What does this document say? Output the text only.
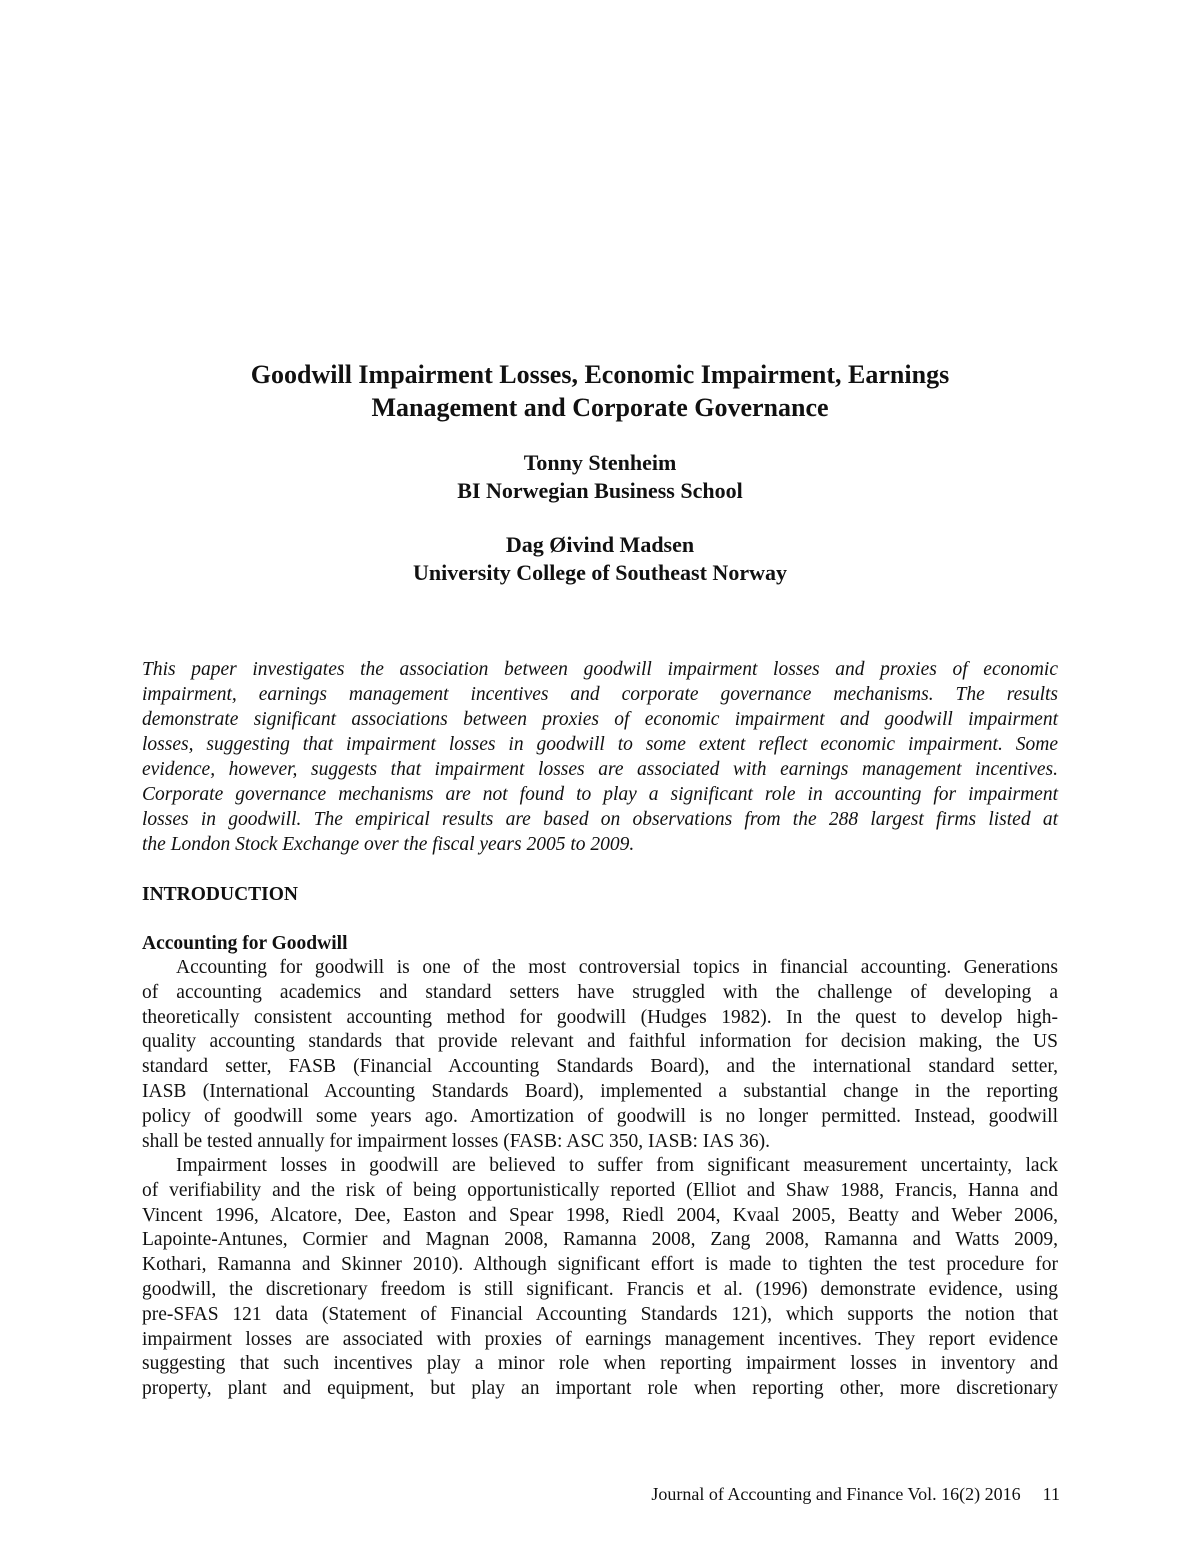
Goodwill Impairment Losses, Economic Impairment, Earnings
Management and Corporate Governance
Tonny Stenheim
BI Norwegian Business School
Dag Øivind Madsen
University College of Southeast Norway
This paper investigates the association between goodwill impairment losses and proxies of economic
impairment, earnings management incentives and corporate governance mechanisms. The results
demonstrate significant associations between proxies of economic impairment and goodwill impairment
losses, suggesting that impairment losses in goodwill to some extent reflect economic impairment. Some
evidence, however, suggests that impairment losses are associated with earnings management incentives.
Corporate governance mechanisms are not found to play a significant role in accounting for impairment
losses in goodwill. The empirical results are based on observations from the 288 largest firms listed at
the London Stock Exchange over the fiscal years 2005 to 2009.
INTRODUCTION
Accounting for Goodwill
Accounting for goodwill is one of the most controversial topics in financial accounting. Generations
of accounting academics and standard setters have struggled with the challenge of developing a
theoretically consistent accounting method for goodwill (Hudges 1982). In the quest to develop high-
quality accounting standards that provide relevant and faithful information for decision making, the US
standard setter, FASB (Financial Accounting Standards Board), and the international standard setter,
IASB (International Accounting Standards Board), implemented a substantial change in the reporting
policy of goodwill some years ago. Amortization of goodwill is no longer permitted. Instead, goodwill
shall be tested annually for impairment losses (FASB: ASC 350, IASB: IAS 36).
Impairment losses in goodwill are believed to suffer from significant measurement uncertainty, lack
of verifiability and the risk of being opportunistically reported (Elliot and Shaw 1988, Francis, Hanna and
Vincent 1996, Alcatore, Dee, Easton and Spear 1998, Riedl 2004, Kvaal 2005, Beatty and Weber 2006,
Lapointe-Antunes, Cormier and Magnan 2008, Ramanna 2008, Zang 2008, Ramanna and Watts 2009,
Kothari, Ramanna and Skinner 2010). Although significant effort is made to tighten the test procedure for
goodwill, the discretionary freedom is still significant. Francis et al. (1996) demonstrate evidence, using
pre-SFAS 121 data (Statement of Financial Accounting Standards 121), which supports the notion that
impairment losses are associated with proxies of earnings management incentives. They report evidence
suggesting that such incentives play a minor role when reporting impairment losses in inventory and
property, plant and equipment, but play an important role when reporting other, more discretionary
Journal of Accounting and Finance Vol. 16(2) 2016 11
